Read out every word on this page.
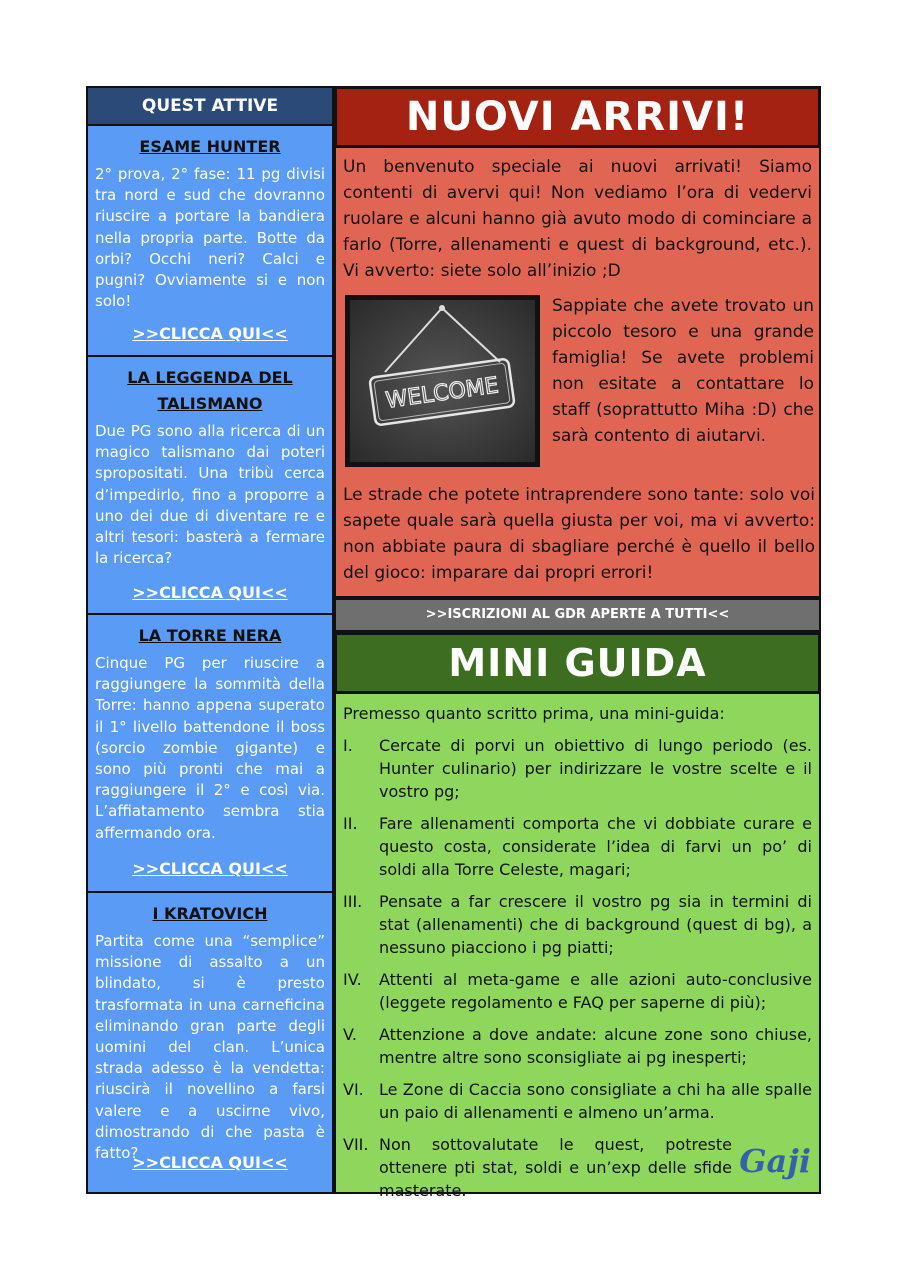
QUEST ATTIVE
ESAME HUNTER
2° prova, 2° fase: 11 pg divisi tra nord e sud che dovranno riuscire a portare la bandiera nella propria parte. Botte da orbi? Occhi neri? Calci e pugni? Ovviamente si e non solo!
>>CLICCA QUI<<
LA LEGGENDA DEL TALISMANO
Due PG sono alla ricerca di un magico talismano dai poteri spropositati. Una tribù cerca d’impedirlo, fino a proporre a uno dei due di diventare re e altri tesori: basterà a fermare la ricerca?
>>CLICCA QUI<<
LA TORRE NERA
Cinque PG per riuscire a raggiungere la sommità della Torre: hanno appena superato il 1° livello battendone il boss (sorcio zombie gigante) e sono più pronti che mai a raggiungere il 2° e così via. L’affiatamento sembra stia affermando ora.
>>CLICCA QUI<<
I KRATOVICH
Partita come una “semplice” missione di assalto a un blindato, si è presto trasformata in una carneficina eliminando gran parte degli uomini del clan. L’unica strada adesso è la vendetta: riuscirà il novellino a farsi valere e a uscirne vivo, dimostrando di che pasta è fatto?
>>CLICCA QUI<<
NUOVI ARRIVI!
Un benvenuto speciale ai nuovi arrivati! Siamo contenti di avervi qui! Non vediamo l’ora di vedervi ruolare e alcuni hanno già avuto modo di cominciare a farlo (Torre, allenamenti e quest di background, etc.). Vi avverto: siete solo all’inizio ;D
WELCOME
Sappiate che avete trovato un piccolo tesoro e una grande famiglia! Se avete problemi non esitate a contattare lo staff (soprattutto Miha :D) che sarà contento di aiutarvi.
Le strade che potete intraprendere sono tante: solo voi sapete quale sarà quella giusta per voi, ma vi avverto: non abbiate paura di sbagliare perché è quello il bello del gioco: imparare dai propri errori!
>>ISCRIZIONI AL GDR APERTE A TUTTI<<
MINI GUIDA
Premesso quanto scritto prima, una mini-guida:
I.	Cercate di porvi un obiettivo di lungo periodo (es. Hunter culinario) per indirizzare le vostre scelte e il vostro pg;
II.	Fare allenamenti comporta che vi dobbiate curare e questo costa, considerate l’idea di farvi un po’ di soldi alla Torre Celeste, magari;
III.	Pensate a far crescere il vostro pg sia in termini di stat (allenamenti) che di background (quest di bg), a nessuno piacciono i pg piatti;
IV.	Attenti al meta-game e alle azioni auto-conclusive (leggete regolamento e FAQ per saperne di più);
V.	Attenzione a dove andate: alcune zone sono chiuse, mentre altre sono sconsigliate ai pg inesperti;
VI. Le Zone di Caccia sono consigliate a chi ha alle spalle un paio di allenamenti e almeno un’arma.
VII. Non sottovalutate le quest, potreste ottenere pti stat, soldi e un’exp delle sfide masterate.
Gaji
